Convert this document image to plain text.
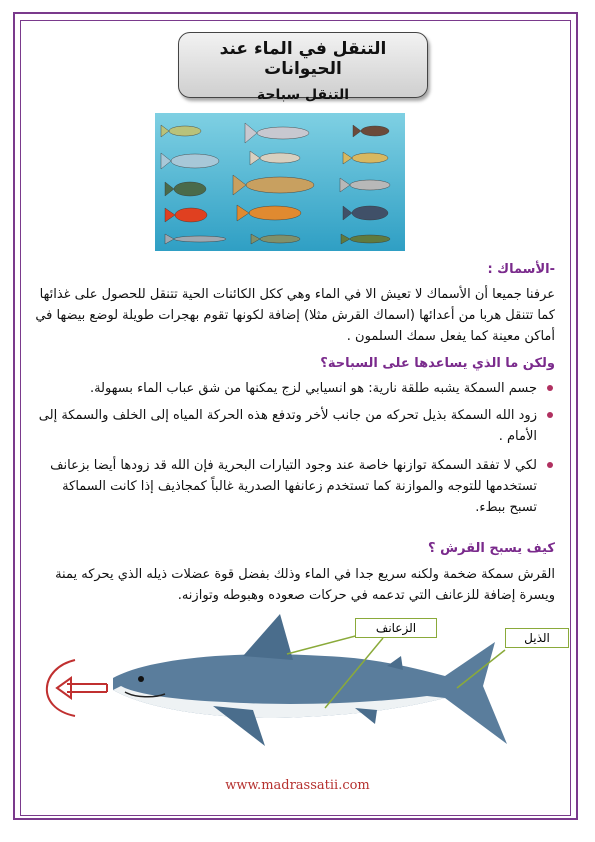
التنقل في الماء عند الحيوانات
التنقل سباحة
-الأسماك :
عرفنا جميعا أن الأسماك لا تعيش الا في الماء وهي ككل الكائنات الحية تتنقل للحصول على غذائها كما تتنقل هربا من أعدائها (اسماك القرش مثلا) إضافة لكونها تقوم بهجرات طويلة لوضع بيضها في أماكن معينة كما يفعل سمك السلمون .
ولكن ما الذي يساعدها على السباحة؟
جسم السمكة يشبه طلقة نارية: هو انسيابي لزج يمكنها من شق عباب الماء بسهولة.
زود الله السمكة بذيل تحركه من جانب لأخر وتدفع هذه الحركة المياه إلى الخلف والسمكة إلى الأمام .
لكي لا تفقد السمكة توازنها خاصة عند وجود التيارات البحرية فإن الله قد زودها أيضا بزعانف تستخدمها للتوجه والموازنة كما تستخدم زعانفها الصدرية غالباً كمجاذيف إذا كانت السماكة تسبح ببطء.
كيف يسبح القرش ؟
القرش سمكة ضخمة ولكنه سريع جدا في الماء وذلك بفضل قوة عضلات ذيله الذي يحركه يمنة ويسرة إضافة للزعانف التي تدعمه في حركات صعوده وهبوطه وتوازنه.
الزعانف
الذيل
www.madrassatii.com
